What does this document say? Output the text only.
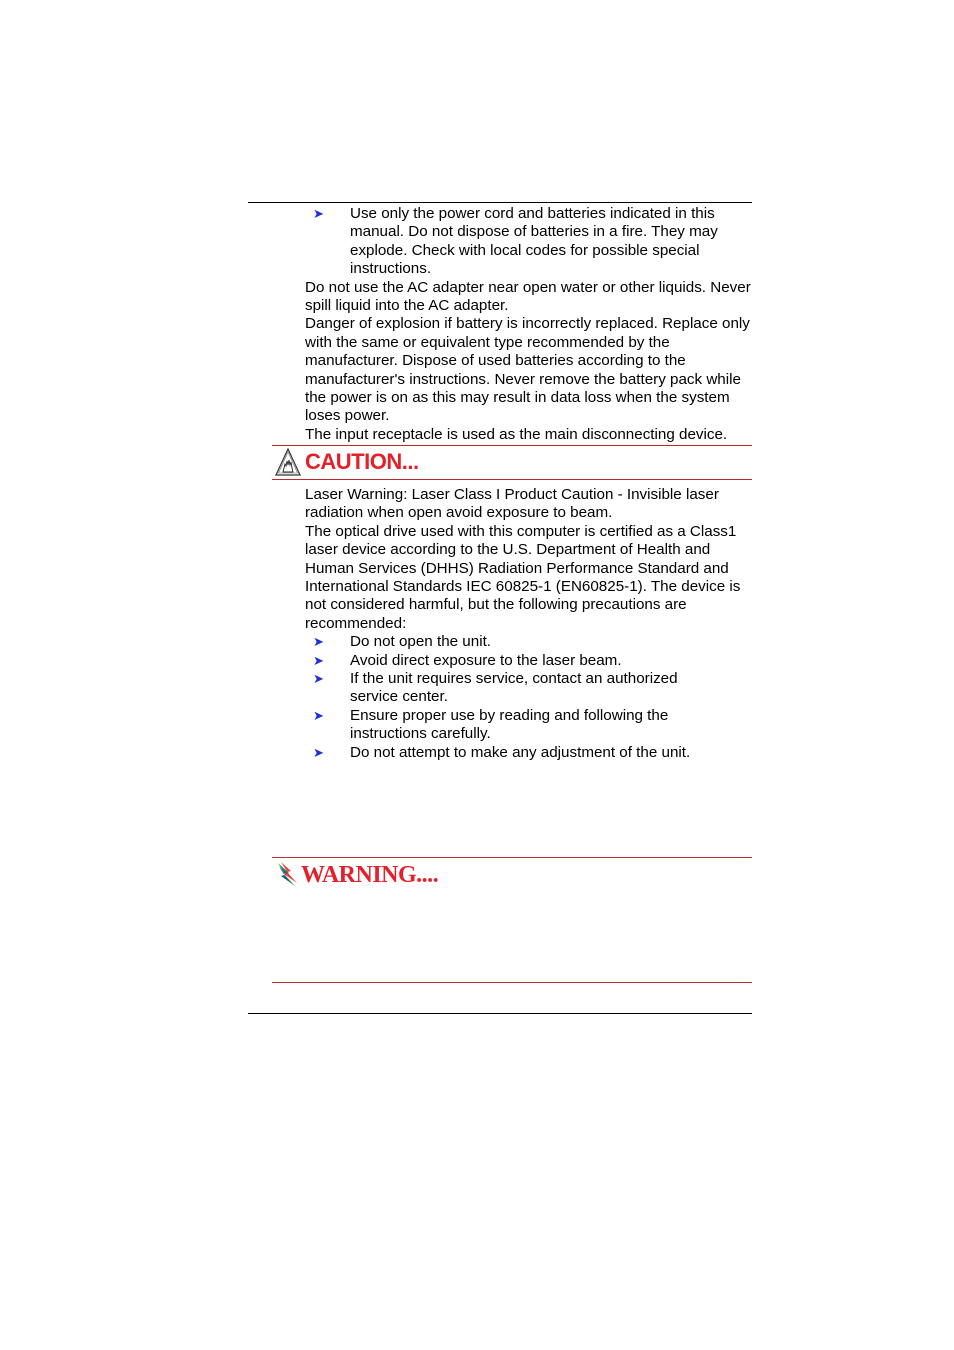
➤ Use only the power cord and batteries indicated in this manual. Do not dispose of batteries in a fire. They may explode. Check with local codes for possible special instructions.

Do not use the AC adapter near open water or other liquids. Never spill liquid into the AC adapter.

Danger of explosion if battery is incorrectly replaced. Replace only with the same or equivalent type recommended by the manufacturer. Dispose of used batteries according to the manufacturer's instructions. Never remove the battery pack while the power is on as this may result in data loss when the system loses power.

The input receptacle is used as the main disconnecting device.

CAUTION...

Laser Warning: Laser Class I Product Caution - Invisible laser radiation when open avoid exposure to beam.

The optical drive used with this computer is certified as a Class1 laser device according to the U.S. Department of Health and Human Services (DHHS) Radiation Performance Standard and International Standards IEC 60825-1 (EN60825-1). The device is not considered harmful, but the following precautions are recommended:

➤ Do not open the unit.
➤ Avoid direct exposure to the laser beam.
➤ If the unit requires service, contact an authorized service center.
➤ Ensure proper use by reading and following the instructions carefully.
➤ Do not attempt to make any adjustment of the unit.
WARNING....
